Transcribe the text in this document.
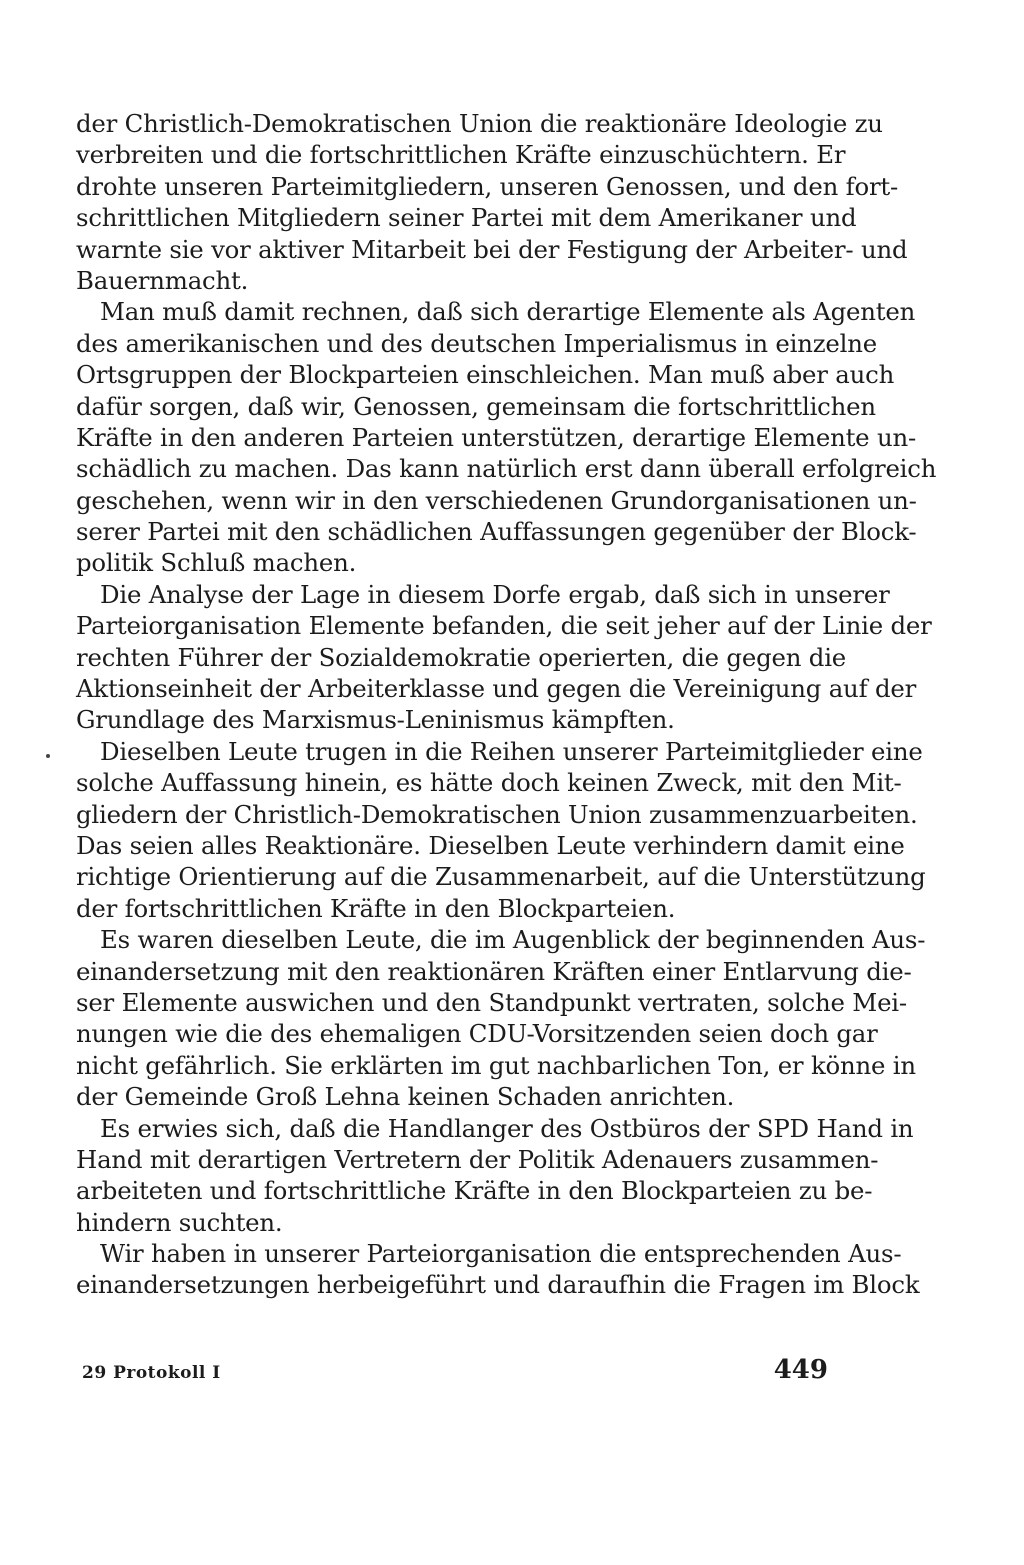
der Christlich-Demokratischen Union die reaktionäre Ideologie zu
verbreiten und die fortschrittlichen Kräfte einzuschüchtern. Er
drohte unseren Parteimitgliedern, unseren Genossen, und den fort-
schrittlichen Mitgliedern seiner Partei mit dem Amerikaner und
warnte sie vor aktiver Mitarbeit bei der Festigung der Arbeiter- und
Bauernmacht.
Man muß damit rechnen, daß sich derartige Elemente als Agenten
des amerikanischen und des deutschen Imperialismus in einzelne
Ortsgruppen der Blockparteien einschleichen. Man muß aber auch
dafür sorgen, daß wir, Genossen, gemeinsam die fortschrittlichen
Kräfte in den anderen Parteien unterstützen, derartige Elemente un-
schädlich zu machen. Das kann natürlich erst dann überall erfolgreich
geschehen, wenn wir in den verschiedenen Grundorganisationen un-
serer Partei mit den schädlichen Auffassungen gegenüber der Block-
politik Schluß machen.
Die Analyse der Lage in diesem Dorfe ergab, daß sich in unserer
Parteiorganisation Elemente befanden, die seit jeher auf der Linie der
rechten Führer der Sozialdemokratie operierten, die gegen die
Aktionseinheit der Arbeiterklasse und gegen die Vereinigung auf der
Grundlage des Marxismus-Leninismus kämpften.
Dieselben Leute trugen in die Reihen unserer Parteimitglieder eine
solche Auffassung hinein, es hätte doch keinen Zweck, mit den Mit-
gliedern der Christlich-Demokratischen Union zusammenzuarbeiten.
Das seien alles Reaktionäre. Dieselben Leute verhindern damit eine
richtige Orientierung auf die Zusammenarbeit, auf die Unterstützung
der fortschrittlichen Kräfte in den Blockparteien.
Es waren dieselben Leute, die im Augenblick der beginnenden Aus-
einandersetzung mit den reaktionären Kräften einer Entlarvung die-
ser Elemente auswichen und den Standpunkt vertraten, solche Mei-
nungen wie die des ehemaligen CDU-Vorsitzenden seien doch gar
nicht gefährlich. Sie erklärten im gut nachbarlichen Ton, er könne in
der Gemeinde Groß Lehna keinen Schaden anrichten.
Es erwies sich, daß die Handlanger des Ostbüros der SPD Hand in
Hand mit derartigen Vertretern der Politik Adenauers zusammen-
arbeiteten und fortschrittliche Kräfte in den Blockparteien zu be-
hindern suchten.
Wir haben in unserer Parteiorganisation die entsprechenden Aus-
einandersetzungen herbeigeführt und daraufhin die Fragen im Block
29 Protokoll I	449
